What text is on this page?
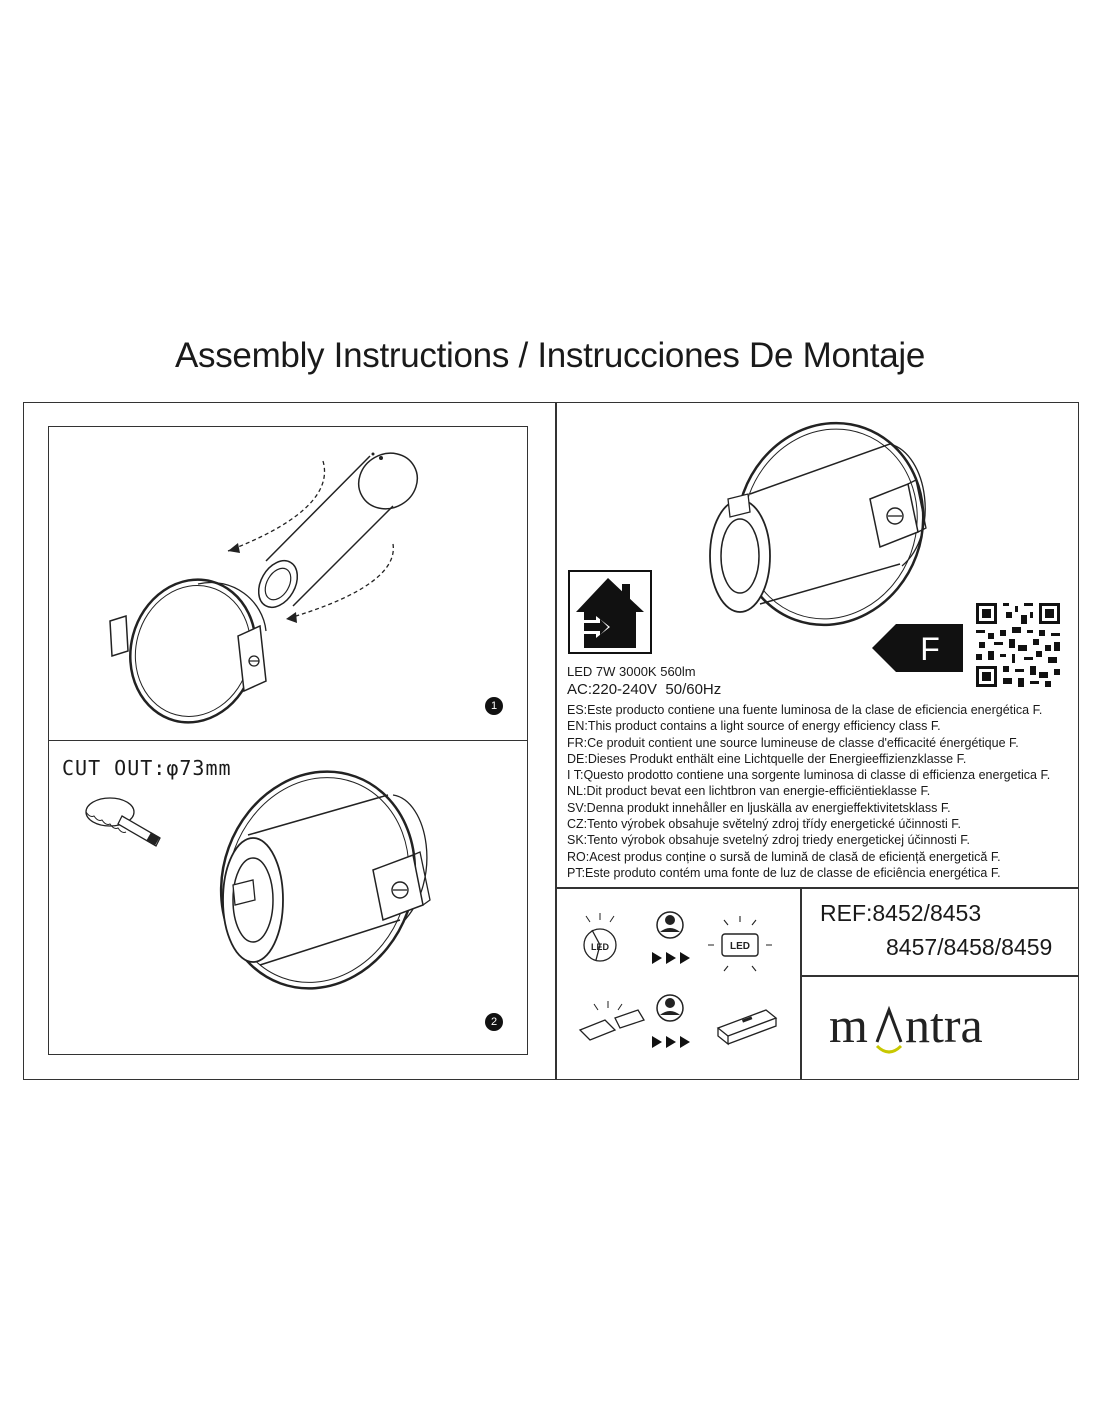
Assembly Instructions / Instrucciones De Montaje
1
CUT OUT:φ73mm
2
F
LED 7W 3000K 560lm
AC:220-240V  50/60Hz
ES:Este producto contiene una fuente luminosa de la clase de eficiencia energética F.
EN:This product contains a light source of energy efficiency class F.
FR:Ce produit contient une source lumineuse de classe d'efficacité énergétique F.
DE:Dieses Produkt enthält eine Lichtquelle der Energieeffizienzklasse F.
I T:Questo prodotto contiene una sorgente luminosa di classe di efficienza energetica F.
NL:Dit product bevat een lichtbron van energie-efficiëntieklasse F.
SV:Denna produkt innehåller en ljuskälla av energieffektivitetsklass F.
CZ:Tento výrobek obsahuje světelný zdroj třídy energetické účinnosti F.
SK:Tento výrobok obsahuje svetelný zdroj triedy energetickej účinnosti F.
RO:Acest produs conține o sursă de lumină de clasă de eficiență energetică F.
PT:Este produto contém uma fonte de luz de classe de eficiência energética F.
LED	LED
REF:8452/8453
8457/8458/8459
m ntra
